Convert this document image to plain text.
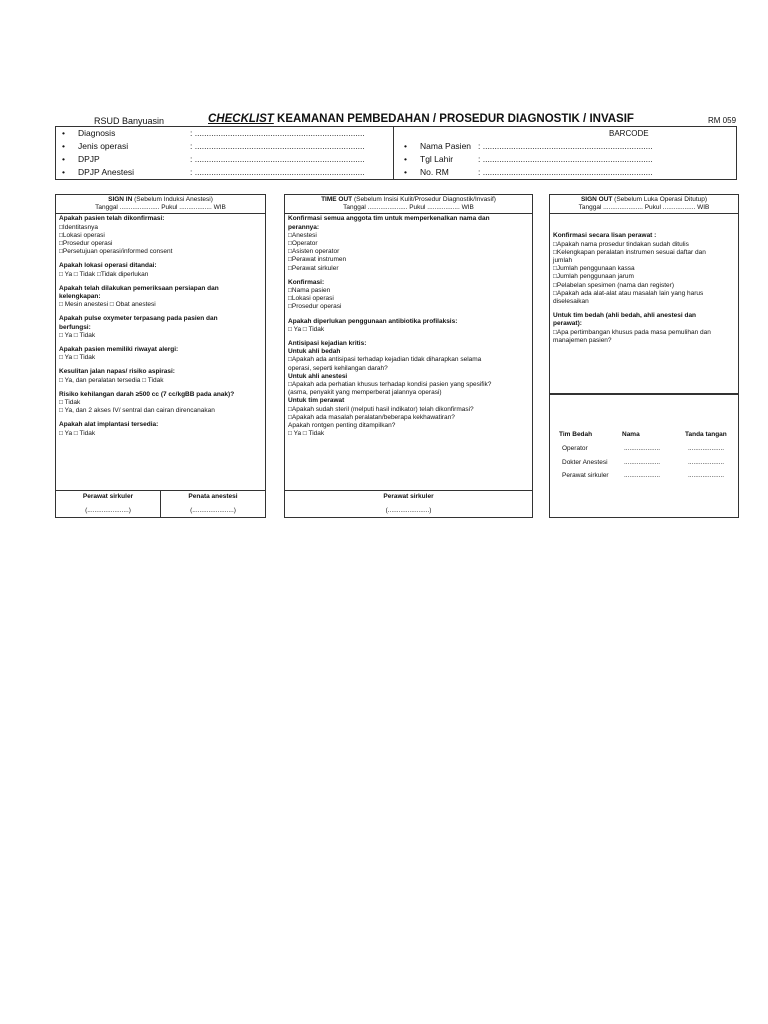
RSUD Banyuasin	CHECKLIST KEAMANAN PEMBEDAHAN / PROSEDUR DIAGNOSTIK / INVASIF	RM 059
• Diagnosis	: ........................................................................
• Jenis operasi	: ........................................................................
• DPJP	: ........................................................................
• DPJP Anestesi	: ........................................................................
BARCODE
• Nama Pasien : ........................................................................
• Tgl Lahir	: ........................................................................
• No. RM	: ........................................................................
SIGN IN (Sebelum Induksi Anestesi)
Tanggal ...................... Pukul .................. WIB
Apakah pasien telah dikonfirmasi:
□Identitasnya
□Lokasi operasi
□Prosedur operasi
□Persetujuan operasi/informed consent
Apakah lokasi operasi ditandai:
□ Ya □ Tidak □Tidak diperlukan
Apakah telah dilakukan pemeriksaan persiapan dan
kelengkapan:
□ Mesin anestesi □ Obat anestesi
Apakah pulse oxymeter terpasang pada pasien dan
berfungsi:
□ Ya □ Tidak
Apakah pasien memiliki riwayat alergi:
□ Ya □ Tidak
Kesulitan jalan napas/ risiko aspirasi:
□ Ya, dan peralatan tersedia □ Tidak
Risiko kehilangan darah ≥500 cc (7 cc/kgBB pada anak)?
□ Tidak
□ Ya, dan 2 akses IV/ sentral dan cairan direncanakan
Apakah alat implantasi tersedia:
□ Ya □ Tidak
Perawat sirkuler
(.......................)
Penata anestesi
(.......................)
TIME OUT (Sebelum Insisi Kulit/Prosedur Diagnostik/Invasif)
Tanggal ...................... Pukul .................. WIB
Konfirmasi semua anggota tim untuk memperkenalkan nama dan
perannya:
□Anestesi
□Operator
□Asisten operator
□Perawat instrumen
□Perawat sirkuler
Konfirmasi:
□Nama pasien
□Lokasi operasi
□Prosedur operasi
Apakah diperlukan penggunaan antibiotika profilaksis:
□ Ya □ Tidak
Antisipasi kejadian kritis:
Untuk ahli bedah
□Apakah ada antisipasi terhadap kejadian tidak diharapkan selama
operasi, seperti kehilangan darah?
Untuk ahli anestesi
□Apakah ada perhatian khusus terhadap kondisi pasien yang spesifik?
(asma, penyakit yang memperberat jalannya operasi)
Untuk tim perawat
□Apakah sudah steril (melputi hasil indikator) telah dikonfirmasi?
□Apakah ada masalah peralatan/beberapa kekhawatiran?
Apakah rontgen penting ditampilkan?
□ Ya □ Tidak
Perawat sirkuler
(.......................)
SIGN OUT (Sebelum Luka Operasi Ditutup)
Tanggal ...................... Pukul .................. WIB
Konfirmasi secara lisan perawat :
□Apakah nama prosedur tindakan sudah ditulis
□Kelengkapan peralatan instrumen sesuai daftar dan
jumlah
□Jumlah penggunaan kassa
□Jumlah penggunaan jarum
□Pelabelan spesimen (nama dan register)
□Apakah ada alat-alat atau masalah lain yang harus
diselesaikan
Untuk tim bedah (ahli bedah, ahli anestesi dan
perawat):
□Apa pertimbangan khusus pada masa pemulihan dan
manajemen pasien?
Tim Bedah	Nama	Tanda tangan
Operator	....................	....................
Dokter Anestesi	....................	....................
Perawat sirkuler ....................	....................
